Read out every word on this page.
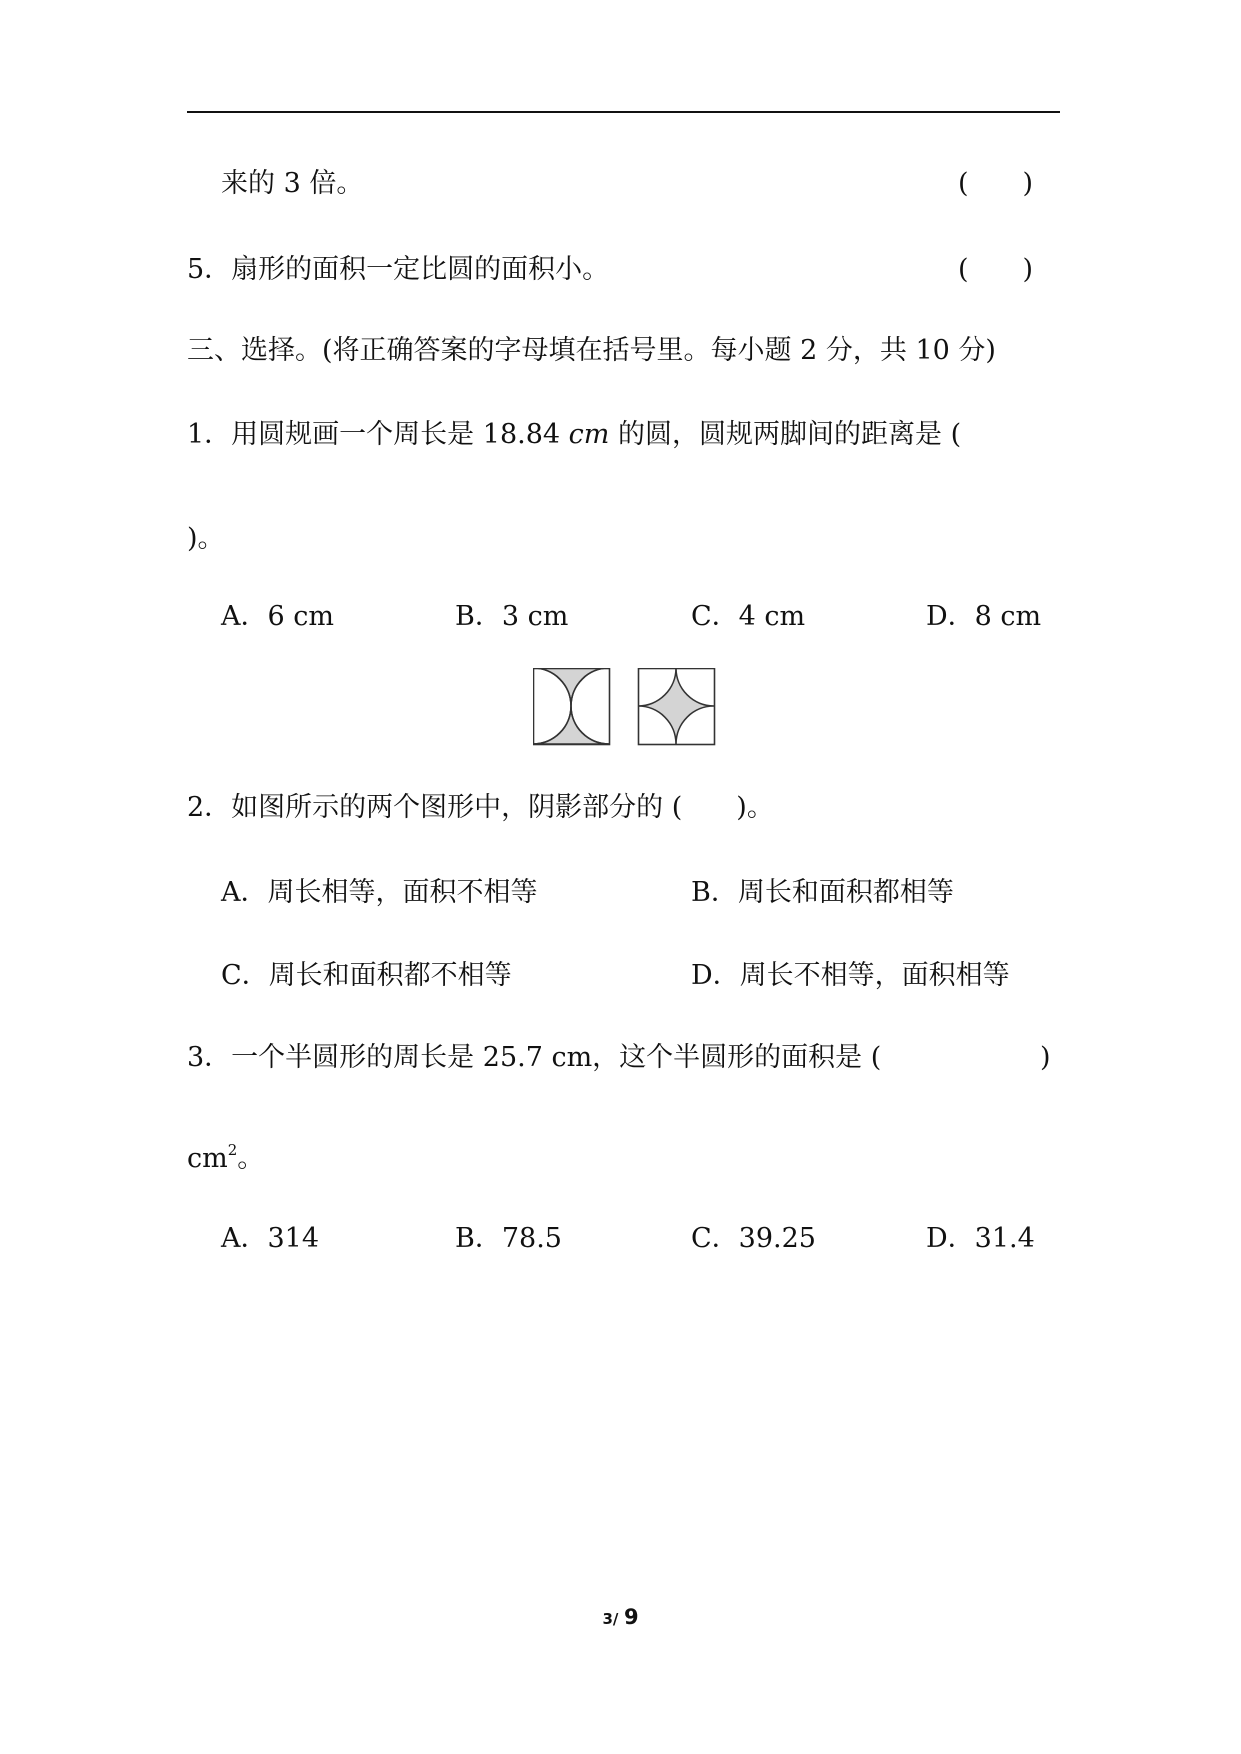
来的 3 倍。	(　　)
5．扇形的面积一定比圆的面积小。	(　　)
三、选择。(将正确答案的字母填在括号里。每小题 2 分，共 10 分)
1．用圆规画一个周长是 18.84 cm 的圆，圆规两脚间的距离是 (
)。
A．6 cm	B．3 cm	C．4 cm	D．8 cm
2．如图所示的两个图形中，阴影部分的 (　　)。
A．周长相等，面积不相等	B．周长和面积都相等
C．周长和面积都不相等	D．周长不相等，面积相等
3．一个半圆形的周长是 25.7 cm，这个半圆形的面积是 (	)
$cm^2$。
A．314	B．78.5	C．39.25	D．31.4
3/ 9
